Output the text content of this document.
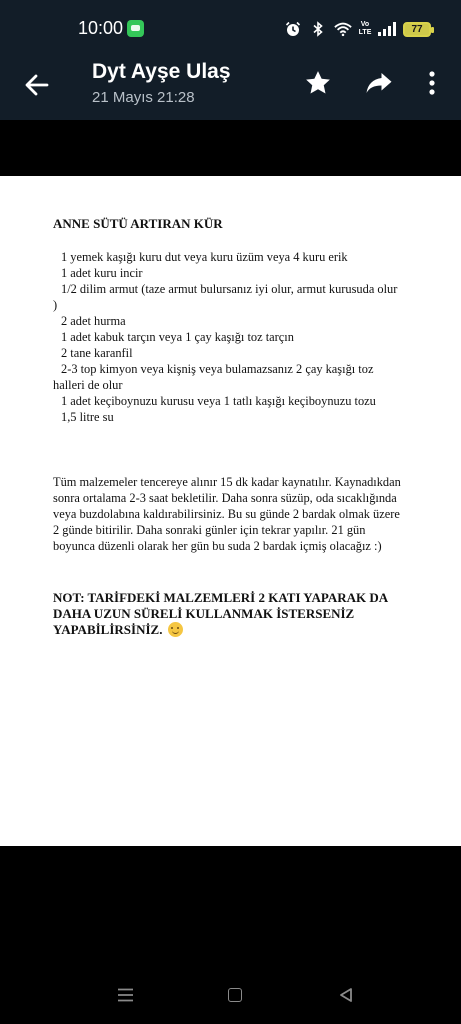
10:00	Vo LTE	77
Dyt Ayşe Ulaş
21 Mayıs 21:28
ANNE SÜTÜ ARTIRAN KÜR
1 yemek kaşığı kuru dut veya kuru üzüm veya 4 kuru erik
1 adet kuru incir
1/2 dilim armut (taze armut bulursanız iyi olur, armut kurusuda olur )
2 adet hurma
1 adet kabuk tarçın veya 1 çay kaşığı toz tarçın
2 tane karanfil
2-3 top kimyon veya kişniş veya bulamazsanız 2 çay kaşığı toz halleri de olur
1 adet keçiboynuzu kurusu veya 1 tatlı kaşığı keçiboynuzu tozu
1,5 litre su
Tüm malzemeler tencereye alınır 15 dk kadar kaynatılır. Kaynadıkdan sonra ortalama 2-3 saat bekletilir. Daha sonra süzüp, oda sıcaklığında veya buzdolabına kaldırabilirsiniz. Bu su günde 2 bardak olmak üzere 2 günde bitirilir. Daha sonraki günler için tekrar yapılır. 21 gün boyunca düzenli olarak her gün bu suda 2 bardak içmiş olacağız :)
NOT: TARİFDEKİ MALZEMLERİ 2 KATI YAPARAK DA DAHA UZUN SÜRELİ KULLANMAK İSTERSENİZ YAPABİLİRSİNİZ.
